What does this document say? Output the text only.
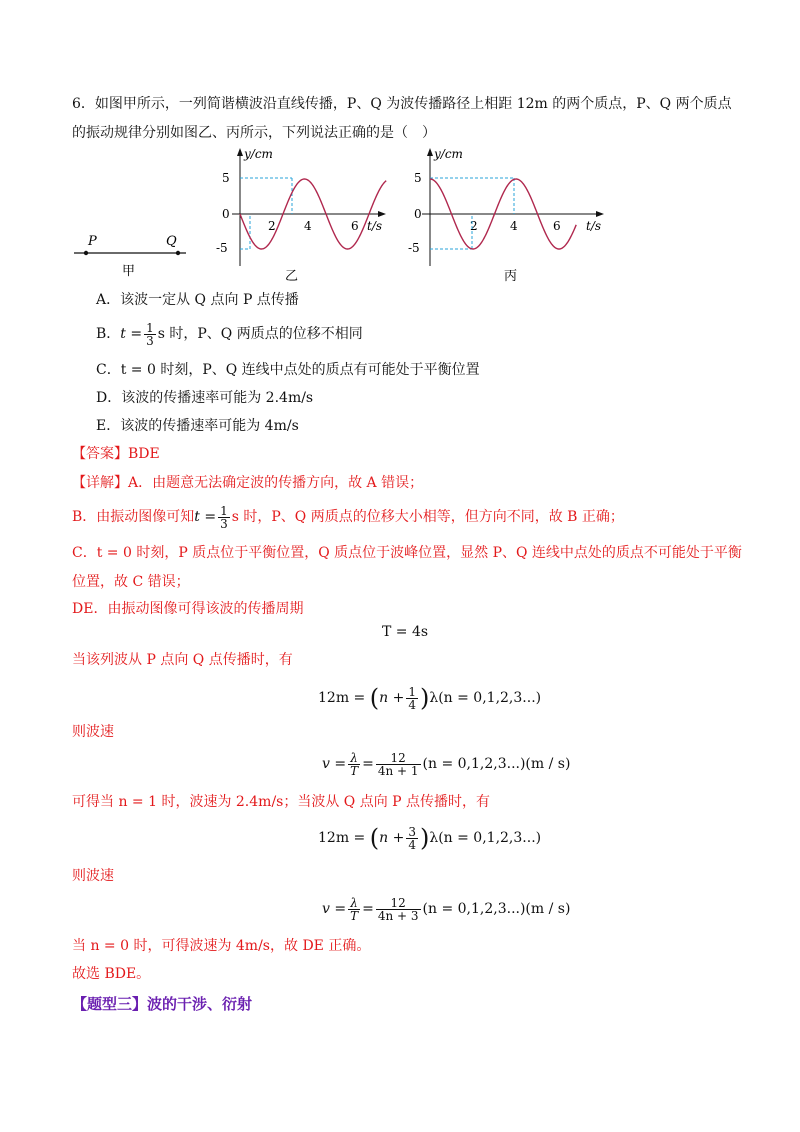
6．如图甲所示，一列简谐横波沿直线传播，P、Q 为波传播路径上相距 12m 的两个质点，P、Q 两个质点
的振动规律分别如图乙、丙所示，下列说法正确的是（　）
P	Q
甲
y/cm
t/s
5
0
-5
2 4	6
乙
y/cm
t/s
5
0
-5
2	4	6
丙
A．该波一定从 Q 点向 P 点传播
B．$t = \frac{1}{3}$ s 时，P、Q 两质点的位移不相同
C．t = 0 时刻，P、Q 连线中点处的质点有可能处于平衡位置
D．该波的传播速率可能为 2.4m/s
E．该波的传播速率可能为 4m/s
【答案】BDE
【详解】A．由题意无法确定波的传播方向，故 A 错误；
B．由振动图像可知$t = \frac{1}{3}$ s 时，P、Q 两质点的位移大小相等，但方向不同，故 B 正确；
C．t = 0 时刻，P 质点位于平衡位置，Q 质点位于波峰位置，显然 P、Q 连线中点处的质点不可能处于平衡
位置，故 C 错误；
DE．由振动图像可得该波的传播周期
T = 4s
当该列波从 P 点向 Q 点传播时，有
$12m = (n + \frac{1}{4} )\lambda(n = 0,1,2,3...)$
则波速
$v = \frac{\lambda}{T} = \frac{12}{4n + 1} (n = 0,1,2,3...)(m / s)$
可得当 n = 1 时，波速为 2.4m/s；当波从 Q 点向 P 点传播时，有
$12m = (n + \frac{3}{4} )\lambda(n = 0,1,2,3...)$
则波速
$v = \frac{\lambda}{T} = \frac{12}{4n + 3} (n = 0,1,2,3...)(m / s)$
当 n = 0 时，可得波速为 4m/s，故 DE 正确。
故选 BDE。
【题型三】波的干涉、衍射
